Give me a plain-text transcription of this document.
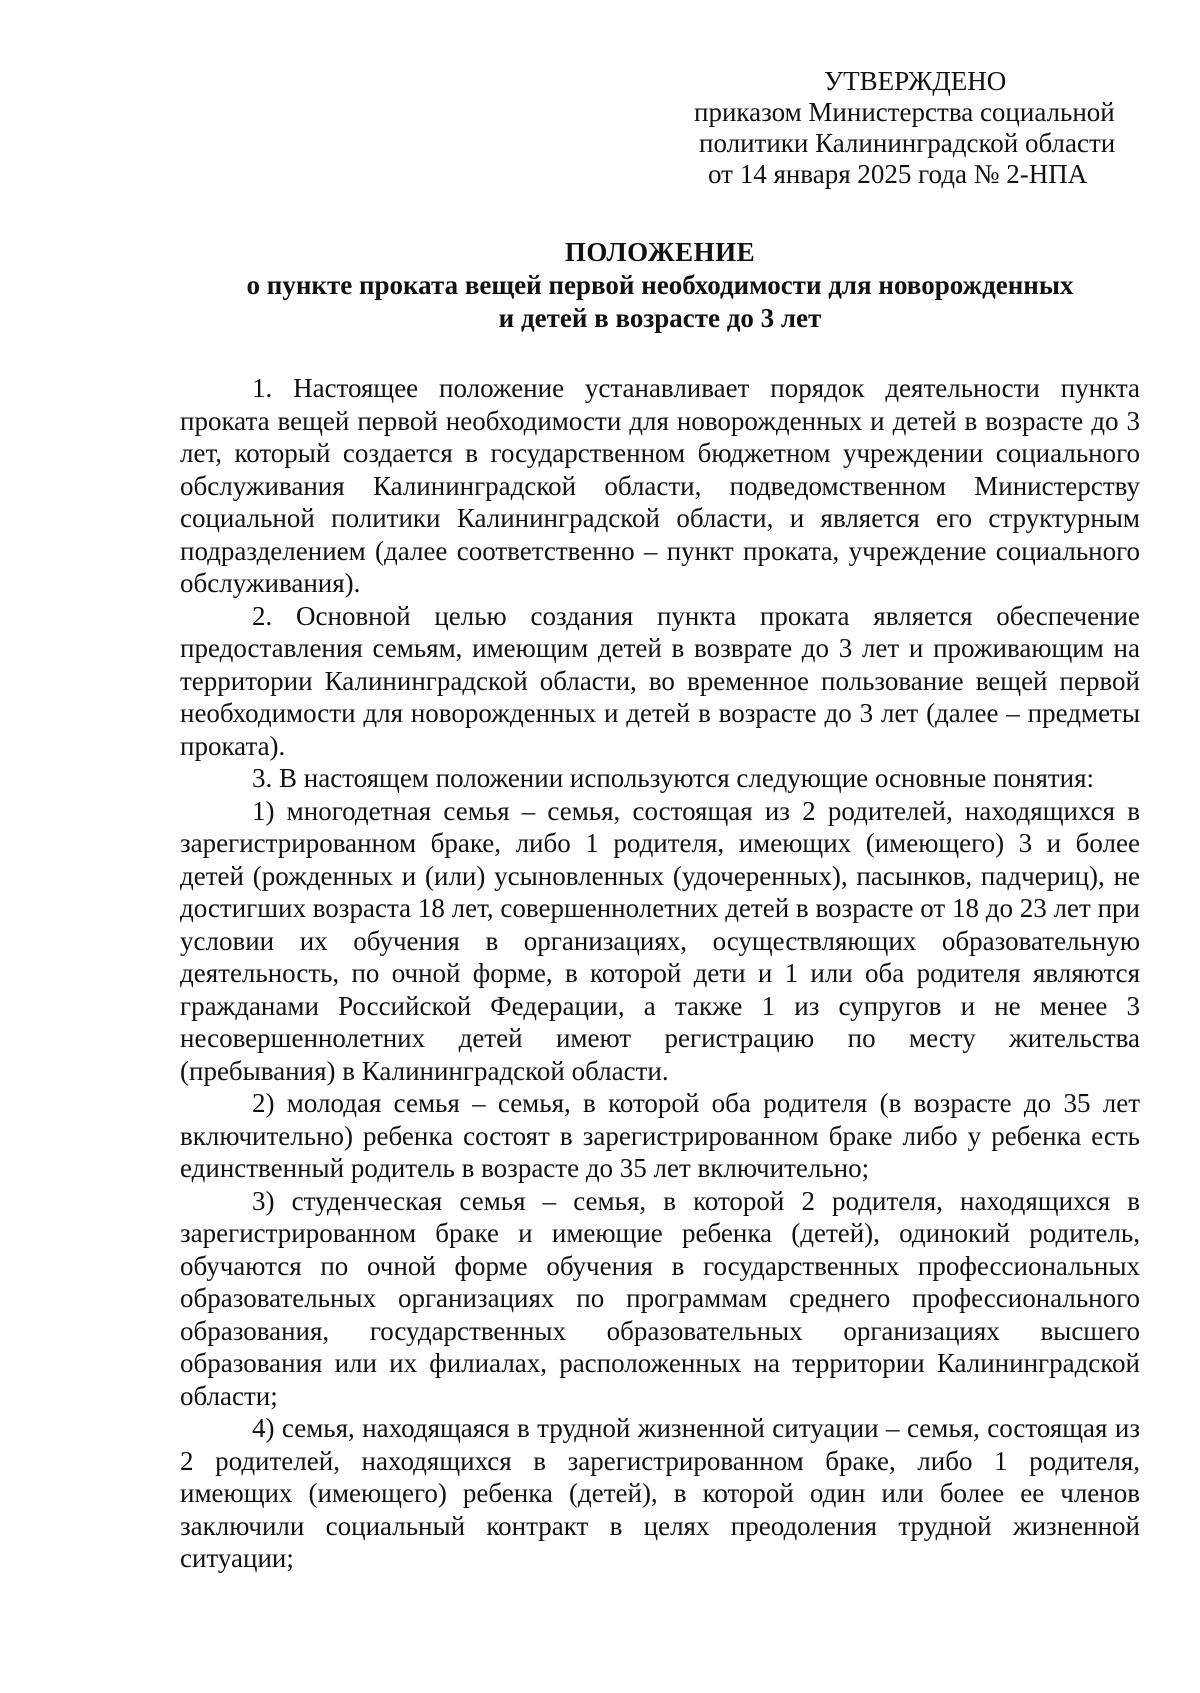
УТВЕРЖДЕНО
приказом Министерства социальной
политики Калининградской области
от 14 января 2025 года № 2-НПА
ПОЛОЖЕНИЕ
о пункте проката вещей первой необходимости для новорожденных
и детей в возрасте до 3 лет

1. Настоящее положение устанавливает порядок деятельности пункта проката вещей первой необходимости для новорожденных и детей в возрасте до 3 лет, который создается в государственном бюджетном учреждении социального обслуживания Калининградской области, подведомственном Министерству социальной политики Калининградской области, и является его структурным подразделением (далее соответственно – пункт проката, учреждение социального обслуживания).

2. Основной целью создания пункта проката является обеспечение предоставления семьям, имеющим детей в возврате до 3 лет и проживающим на территории Калининградской области, во временное пользование вещей первой необходимости для новорожденных и детей в возрасте до 3 лет (далее – предметы проката).

3. В настоящем положении используются следующие основные понятия:

1) многодетная семья – семья, состоящая из 2 родителей, находящихся в зарегистрированном браке, либо 1 родителя, имеющих (имеющего) 3 и более детей (рожденных и (или) усыновленных (удочеренных), пасынков, падчериц), не достигших возраста 18 лет, совершеннолетних детей в возрасте от 18 до 23 лет при условии их обучения в организациях, осуществляющих образовательную деятельность, по очной форме, в которой дети и 1 или оба родителя являются гражданами Российской Федерации, а также 1 из супругов и не менее 3 несовершеннолетних детей имеют регистрацию по месту жительства (пребывания) в Калининградской области.

2) молодая семья – семья, в которой оба родителя (в возрасте до 35 лет включительно) ребенка состоят в зарегистрированном браке либо у ребенка есть единственный родитель в возрасте до 35 лет включительно;

3) студенческая семья – семья, в которой 2 родителя, находящихся в зарегистрированном браке и имеющие ребенка (детей), одинокий родитель, обучаются по очной форме обучения в государственных профессиональных образовательных организациях по программам среднего профессионального образования, государственных образовательных организациях высшего образования или их филиалах, расположенных на территории Калининградской области;

4) семья, находящаяся в трудной жизненной ситуации – семья, состоящая из 2 родителей, находящихся в зарегистрированном браке, либо 1 родителя, имеющих (имеющего) ребенка (детей), в которой один или более ее членов заключили социальный контракт в целях преодоления трудной жизненной ситуации;
